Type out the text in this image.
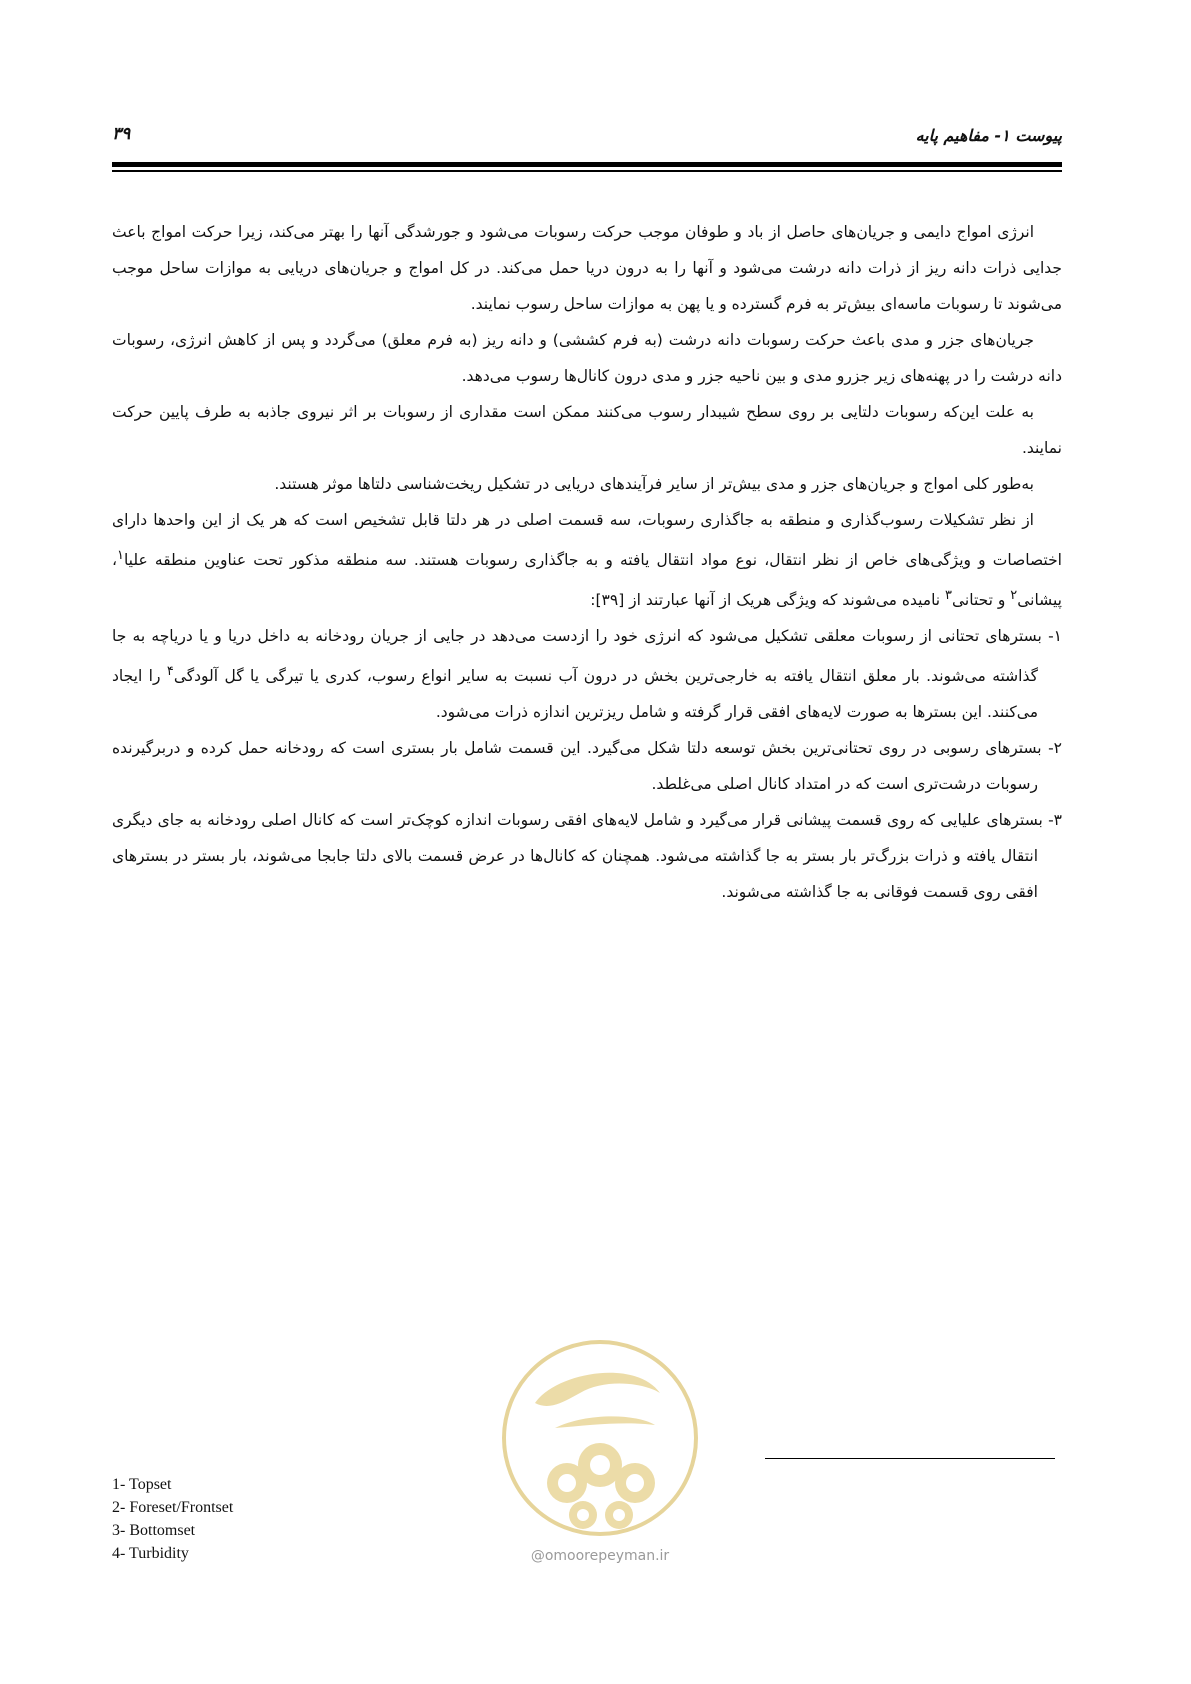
پیوست ۱- مفاهیم پایه
۳۹

انرژی امواج دایمی و جریان‌های حاصل از باد و طوفان موجب حرکت رسوبات می‌شود و جورشدگی آنها را بهتر می‌کند، زیرا حرکت امواج باعث جدایی ذرات دانه ریز از ذرات دانه درشت می‌شود و آنها را به درون دریا حمل می‌کند. در کل امواج و جریان‌های دریایی به موازات ساحل موجب می‌شوند تا رسوبات ماسه‌ای بیش‌تر به فرم گسترده و یا پهن به موازات ساحل رسوب نمایند.

جریان‌های جزر و مدی باعث حرکت رسوبات دانه درشت (به فرم کششی) و دانه ریز (به فرم معلق) می‌گردد و پس از کاهش انرژی، رسوبات دانه درشت را در پهنه‌های زیر جزرو مدی و بین ناحیه جزر و مدی درون کانال‌ها رسوب می‌دهد.

به علت این‌که رسوبات دلتایی بر روی سطح شیبدار رسوب می‌کنند ممکن است مقداری از رسوبات بر اثر نیروی جاذبه به طرف پایین حرکت نمایند.

به‌طور کلی امواج و جریان‌های جزر و مدی بیش‌تر از سایر فرآیندهای دریایی در تشکیل ریخت‌شناسی دلتاها موثر هستند.

از نظر تشکیلات رسوب‌گذاری و منطقه به جاگذاری رسوبات، سه قسمت اصلی در هر دلتا قابل تشخیص است که هر یک از این واحدها دارای اختصاصات و ویژگی‌های خاص از نظر انتقال، نوع مواد انتقال یافته و به جاگذاری رسوبات هستند. سه منطقه مذکور تحت عناوین منطقه علیا$^۱$، پیشانی$^۲$ و تحتانی$^۳$ نامیده می‌شوند که ویژگی هریک از آنها عبارتند از [۳۹]:

۱- بسترهای تحتانی از رسوبات معلقی تشکیل می‌شود که انرژی خود را ازدست می‌دهد در جایی از جریان رودخانه به داخل دریا و یا دریاچه به جا گذاشته می‌شوند. بار معلق انتقال یافته به خارجی‌ترین بخش در درون آب نسبت به سایر انواع رسوب، کدری یا تیرگی یا گل آلودگی$^۴$ را ایجاد می‌کنند. این بسترها به صورت لایه‌های افقی قرار گرفته و شامل ریزترین اندازه ذرات می‌شود.

۲- بسترهای رسوبی در روی تحتانی‌ترین بخش توسعه دلتا شکل می‌گیرد. این قسمت شامل بار بستری است که رودخانه حمل کرده و دربرگیرنده رسوبات درشت‌تری است که در امتداد کانال اصلی می‌غلطد.

۳- بسترهای علیایی که روی قسمت پیشانی قرار می‌گیرد و شامل لایه‌های افقی رسوبات اندازه کوچک‌تر است که کانال اصلی رودخانه به جای دیگری انتقال یافته و ذرات بزرگ‌تر بار بستر به جا گذاشته می‌شود. همچنان که کانال‌ها در عرض قسمت بالای دلتا جابجا می‌شوند، بار بستر در بسترهای افقی روی قسمت فوقانی به جا گذاشته می‌شوند.

@omoorepeyman.ir
1- Topset
2- Foreset/Frontset
3- Bottomset
4- Turbidity
